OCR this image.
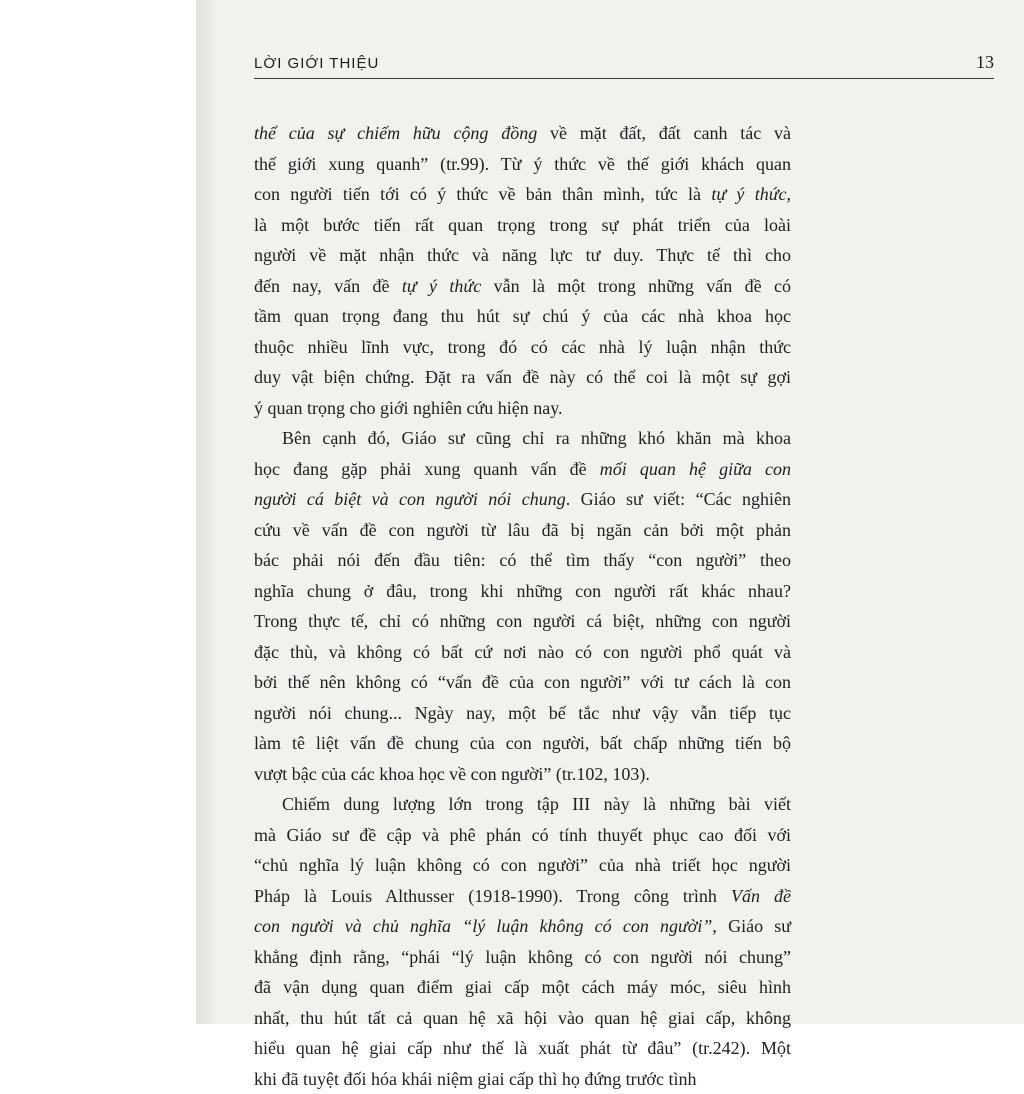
LỜI GIỚI THIỆU	13
thể của sự chiếm hữu cộng đồng về mặt đất, đất canh tác và
thế giới xung quanh” (tr.99). Từ ý thức về thế giới khách quan
con người tiến tới có ý thức về bản thân mình, tức là tự ý thức,
là một bước tiến rất quan trọng trong sự phát triển của loài
người về mặt nhận thức và năng lực tư duy. Thực tế thì cho
đến nay, vấn đề tự ý thức vẫn là một trong những vấn đề có
tầm quan trọng đang thu hút sự chú ý của các nhà khoa học
thuộc nhiều lĩnh vực, trong đó có các nhà lý luận nhận thức
duy vật biện chứng. Đặt ra vấn đề này có thể coi là một sự gợi
ý quan trọng cho giới nghiên cứu hiện nay.
Bên cạnh đó, Giáo sư cũng chỉ ra những khó khăn mà khoa
học đang gặp phải xung quanh vấn đề mối quan hệ giữa con
người cá biệt và con người nói chung. Giáo sư viết: “Các nghiên
cứu về vấn đề con người từ lâu đã bị ngăn cản bởi một phản
bác phải nói đến đầu tiên: có thể tìm thấy “con người” theo
nghĩa chung ở đâu, trong khi những con người rất khác nhau?
Trong thực tế, chỉ có những con người cá biệt, những con người
đặc thù, và không có bất cứ nơi nào có con người phổ quát và
bởi thế nên không có “vấn đề của con người” với tư cách là con
người nói chung... Ngày nay, một bế tắc như vậy vẫn tiếp tục
làm tê liệt vấn đề chung của con người, bất chấp những tiến bộ
vượt bậc của các khoa học về con người” (tr.102, 103).
Chiếm dung lượng lớn trong tập III này là những bài viết
mà Giáo sư đề cập và phê phán có tính thuyết phục cao đối với
“chủ nghĩa lý luận không có con người” của nhà triết học người
Pháp là Louis Althusser (1918-1990). Trong công trình Vấn đề
con người và chủ nghĩa “lý luận không có con người”, Giáo sư
khẳng định rằng, “phái “lý luận không có con người nói chung”
đã vận dụng quan điểm giai cấp một cách máy móc, siêu hình
nhất, thu hút tất cả quan hệ xã hội vào quan hệ giai cấp, không
hiểu quan hệ giai cấp như thế là xuất phát từ đâu” (tr.242). Một
khi đã tuyệt đối hóa khái niệm giai cấp thì họ đứng trước tình
